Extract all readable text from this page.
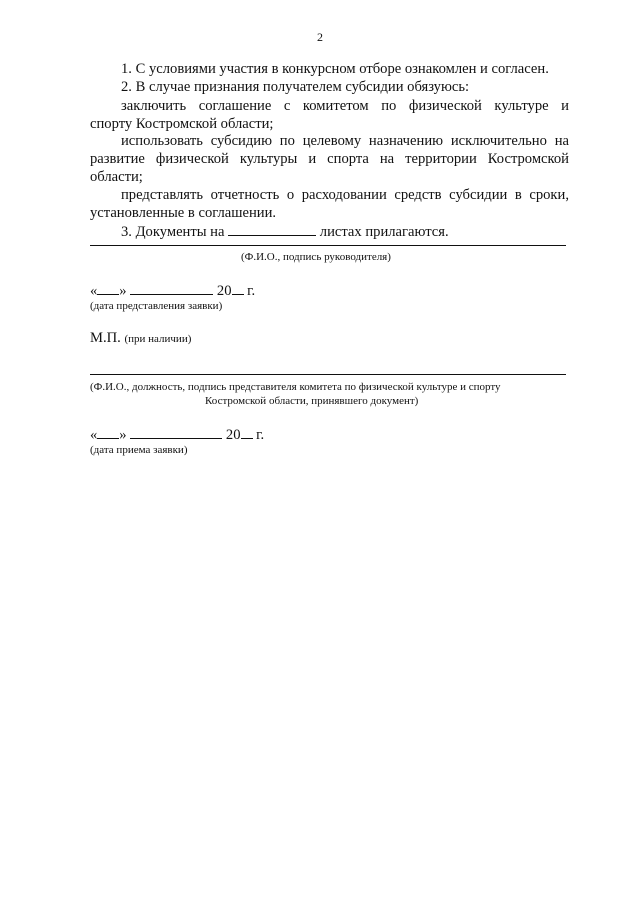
2
1. С условиями участия в конкурсном отборе ознакомлен и согласен.
2. В случае признания получателем субсидии обязуюсь:
заключить соглашение с комитетом по физической культуре и
спорту Костромской области;
использовать субсидию по целевому назначению исключительно на
развитие физической культуры и спорта на территории Костромской
области;
представлять отчетность о расходовании средств субсидии в сроки,
установленные в соглашении.
3. Документы на	листах прилагаются.
(Ф.И.О., подпись руководителя)
« »	20 г.
(дата представления заявки)
М.П. (при наличии)
(Ф.И.О., должность, подпись представителя комитета по физической культуре и спорту
Костромской области, принявшего документ)
« »	20 г.
(дата приема заявки)
